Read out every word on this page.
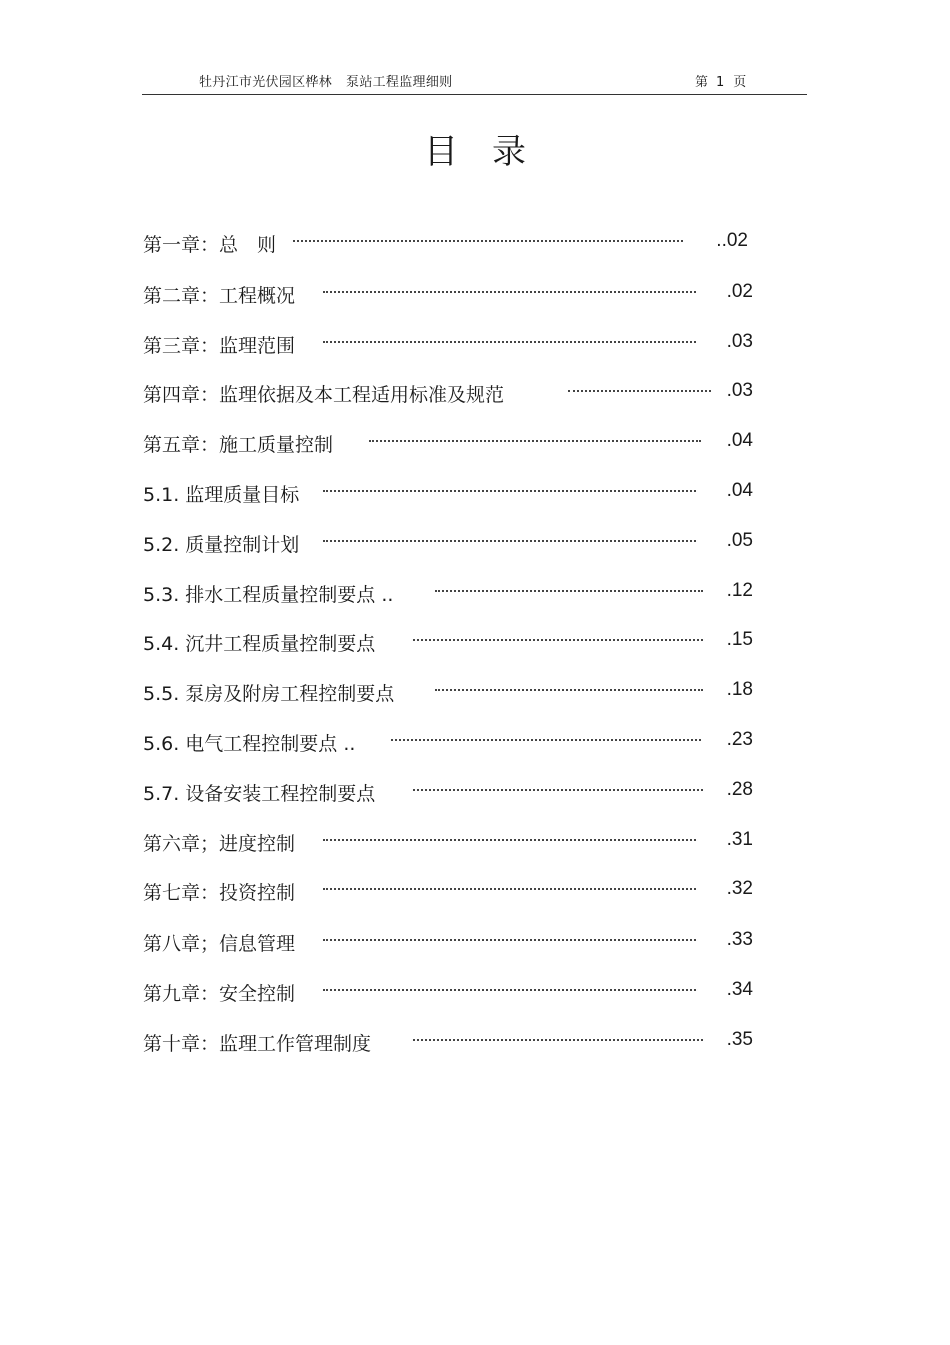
牡丹江市光伏园区桦林 泵站工程监理细则	第 1 页
目录
第一章：总　则	..02
第二章：工程概况	.02
第三章：监理范围	.03
第四章：监理依据及本工程适用标准及规范	.03
第五章：施工质量控制	.04
5.1. 监理质量目标	.04
5.2. 质量控制计划	.05
5.3. 排水工程质量控制要点 ..	.12
5.4. 沉井工程质量控制要点	.15
5.5. 泵房及附房工程控制要点	.18
5.6. 电气工程控制要点 ..	.23
5.7. 设备安装工程控制要点	.28
第六章；进度控制	.31
第七章：投资控制	.32
第八章；信息管理	.33
第九章：安全控制	.34
第十章：监理工作管理制度	.35
